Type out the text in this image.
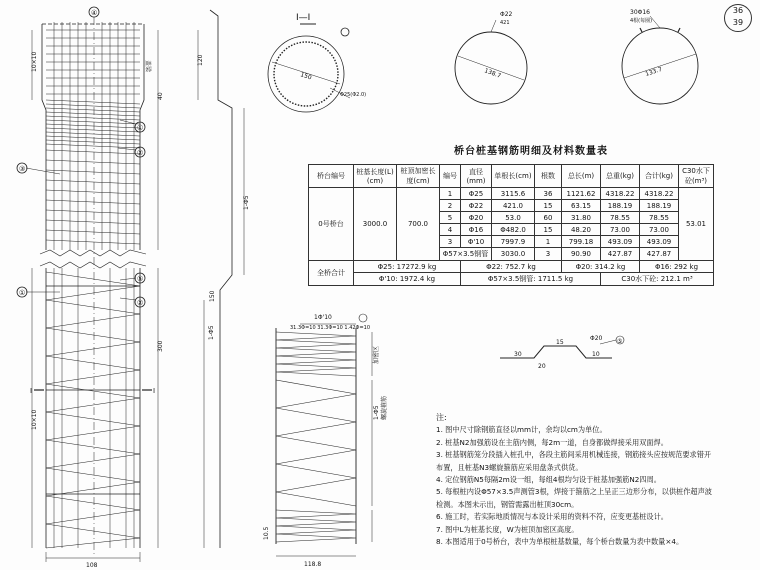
36
39
④
10×10
10×10
③
①
②
⑤
②
①
盖梁
40
300
108
I	I
120
150
1-Φ5
1-Φ5
1Φ'10
31.3Φ=10 31.3Φ=10 1.42Φ=10
10.5
118.8
1-Φ5 螺旋箍筋
加密区
I—I
150
Φ25(Φ2.0)
Φ22
421
138.7
30Φ16
4根(每圈)
133.7
30
15
10
20
Φ20 ⑤
桥台桩基钢筋明细及材料数量表
桥台编号	桩基长度(L)(cm)	桩顶加密长度(cm)	编号	直径(mm)	单根长(cm)	根数	总长(m)	总重(kg)	合计(kg)	C30水下砼(m³)
0号桥台	3000.0	700.0	1	Φ25	3115.6	36	1121.62	4318.22	4318.22	53.01
			2	Φ22	421.0	15	63.15	188.19	188.19	
			5	Φ20	53.0	60	31.80	78.55	78.55	
			4	Φ16	Φ482.0	15	48.20	73.00	73.00	
			3	Φ'10	7997.9	1	799.18	493.09	493.09	
			Φ57×3.5钢管		3030.0	3	90.90	427.87	427.87	
全桥合计	Φ25: 17272.9 kg			Φ22: 752.7 kg			Φ20: 314.2 kg		Φ16: 292 kg	
	Φ'10: 1972.4 kg			Φ57×3.5钢管: 1711.5 kg				C30水下砼: 212.1 m³		
注:
1. 图中尺寸除钢筋直径以mm计，余均以cm为单位。
2. 桩基N2加强筋设在主筋内侧，每2m一道，自身都做焊接采用双面焊。
3. 桩基钢筋笼分段插入桩孔中，各段主筋间采用机械连接，钢筋接头应按规范要求错开
布置，且桩基N3螺旋箍筋应采用盘条式供货。
4. 定位钢筋N5每隔2m设一组，每组4根均匀设于桩基加强筋N2四周。
5. 每根桩内设Φ57×3.5声测管3根，焊接于箍筋之上呈正三边形分布，以供桩作超声波
检测。本图未示出，钢管需露出桩顶30cm。
6. 施工时，若实际地质情况与本设计采用的资料不符，应变更基桩设计。
7. 图中L为桩基长度，W为桩顶加密区高度。
8. 本图适用于0号桥台，表中为单根桩基数量，每个桥台数量为表中数量×4。
